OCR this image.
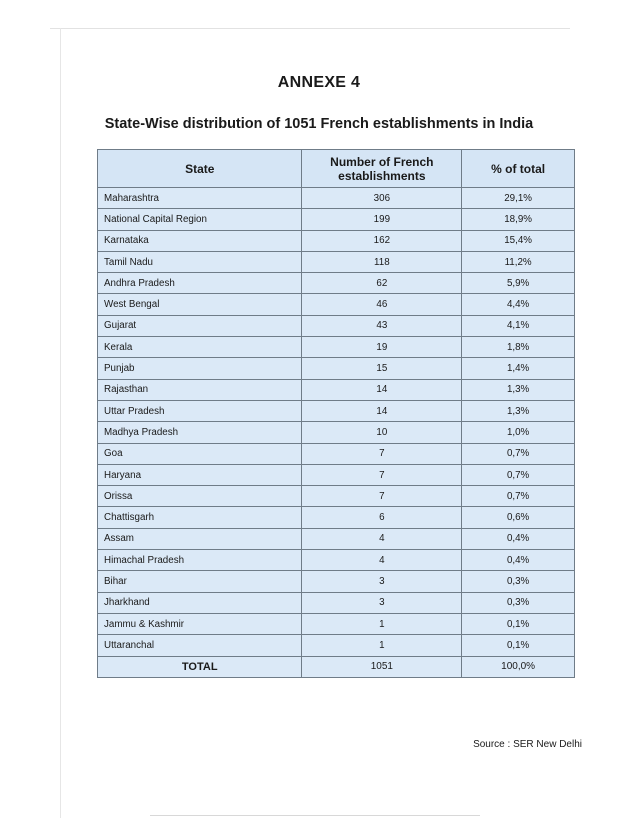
ANNEXE 4
State-Wise distribution of 1051 French establishments in India
State	Number of French establishments	% of total
Maharashtra	306	29,1%
National Capital Region	199	18,9%
Karnataka	162	15,4%
Tamil Nadu	118	11,2%
Andhra Pradesh	62	5,9%
West Bengal	46	4,4%
Gujarat	43	4,1%
Kerala	19	1,8%
Punjab	15	1,4%
Rajasthan	14	1,3%
Uttar Pradesh	14	1,3%
Madhya Pradesh	10	1,0%
Goa	7	0,7%
Haryana	7	0,7%
Orissa	7	0,7%
Chattisgarh	6	0,6%
Assam	4	0,4%
Himachal Pradesh	4	0,4%
Bihar	3	0,3%
Jharkhand	3	0,3%
Jammu & Kashmir	1	0,1%
Uttaranchal	1	0,1%
TOTAL	1051	100,0%
Source : SER New Delhi
